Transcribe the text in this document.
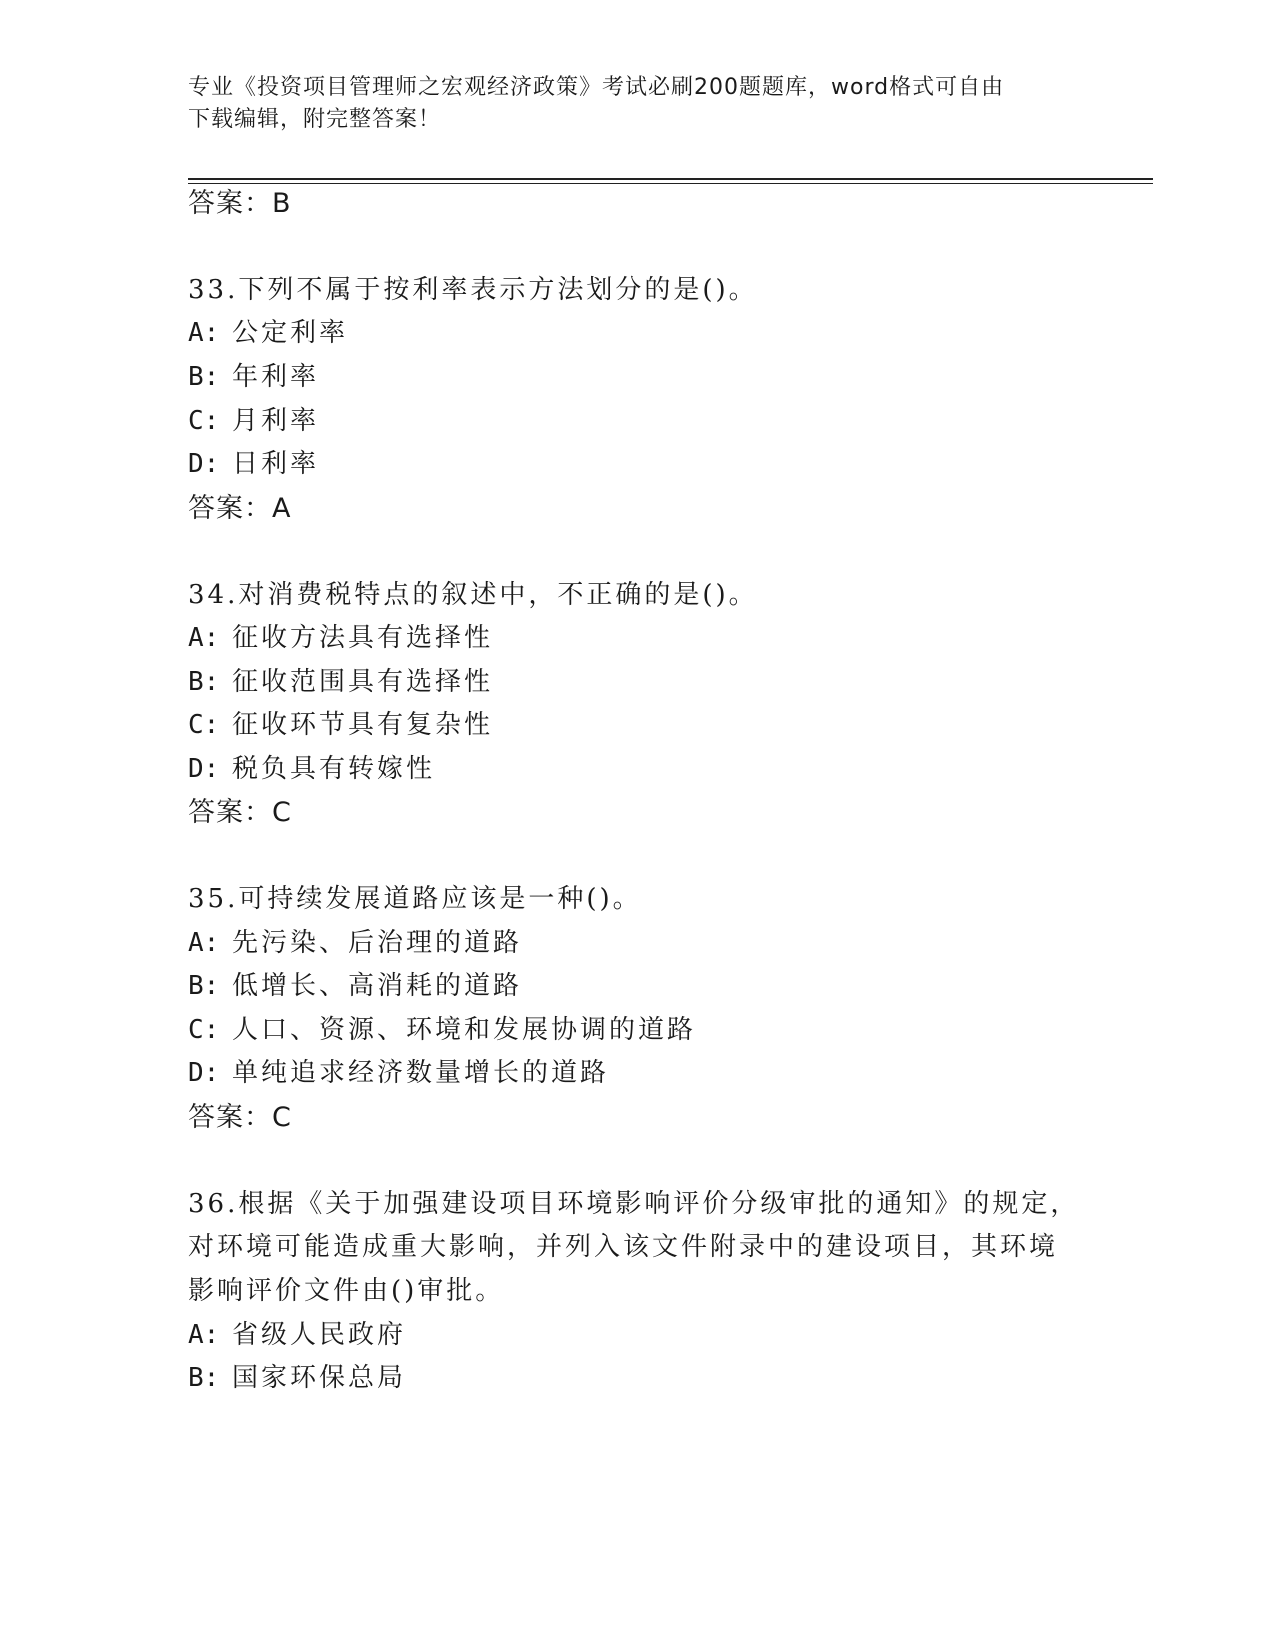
专业《投资项目管理师之宏观经济政策》考试必刷200题题库，word格式可自由
下载编辑，附完整答案！
答案：B
33.下列不属于按利率表示方法划分的是()。
A: 公定利率
B: 年利率
C: 月利率
D: 日利率
答案：A
34.对消费税特点的叙述中，不正确的是()。
A: 征收方法具有选择性
B: 征收范围具有选择性
C: 征收环节具有复杂性
D: 税负具有转嫁性
答案：C
35.可持续发展道路应该是一种()。
A: 先污染、后治理的道路
B: 低增长、高消耗的道路
C: 人口、资源、环境和发展协调的道路
D: 单纯追求经济数量增长的道路
答案：C
36.根据《关于加强建设项目环境影响评价分级审批的通知》的规定，
对环境可能造成重大影响，并列入该文件附录中的建设项目，其环境
影响评价文件由()审批。
A: 省级人民政府
B: 国家环保总局
